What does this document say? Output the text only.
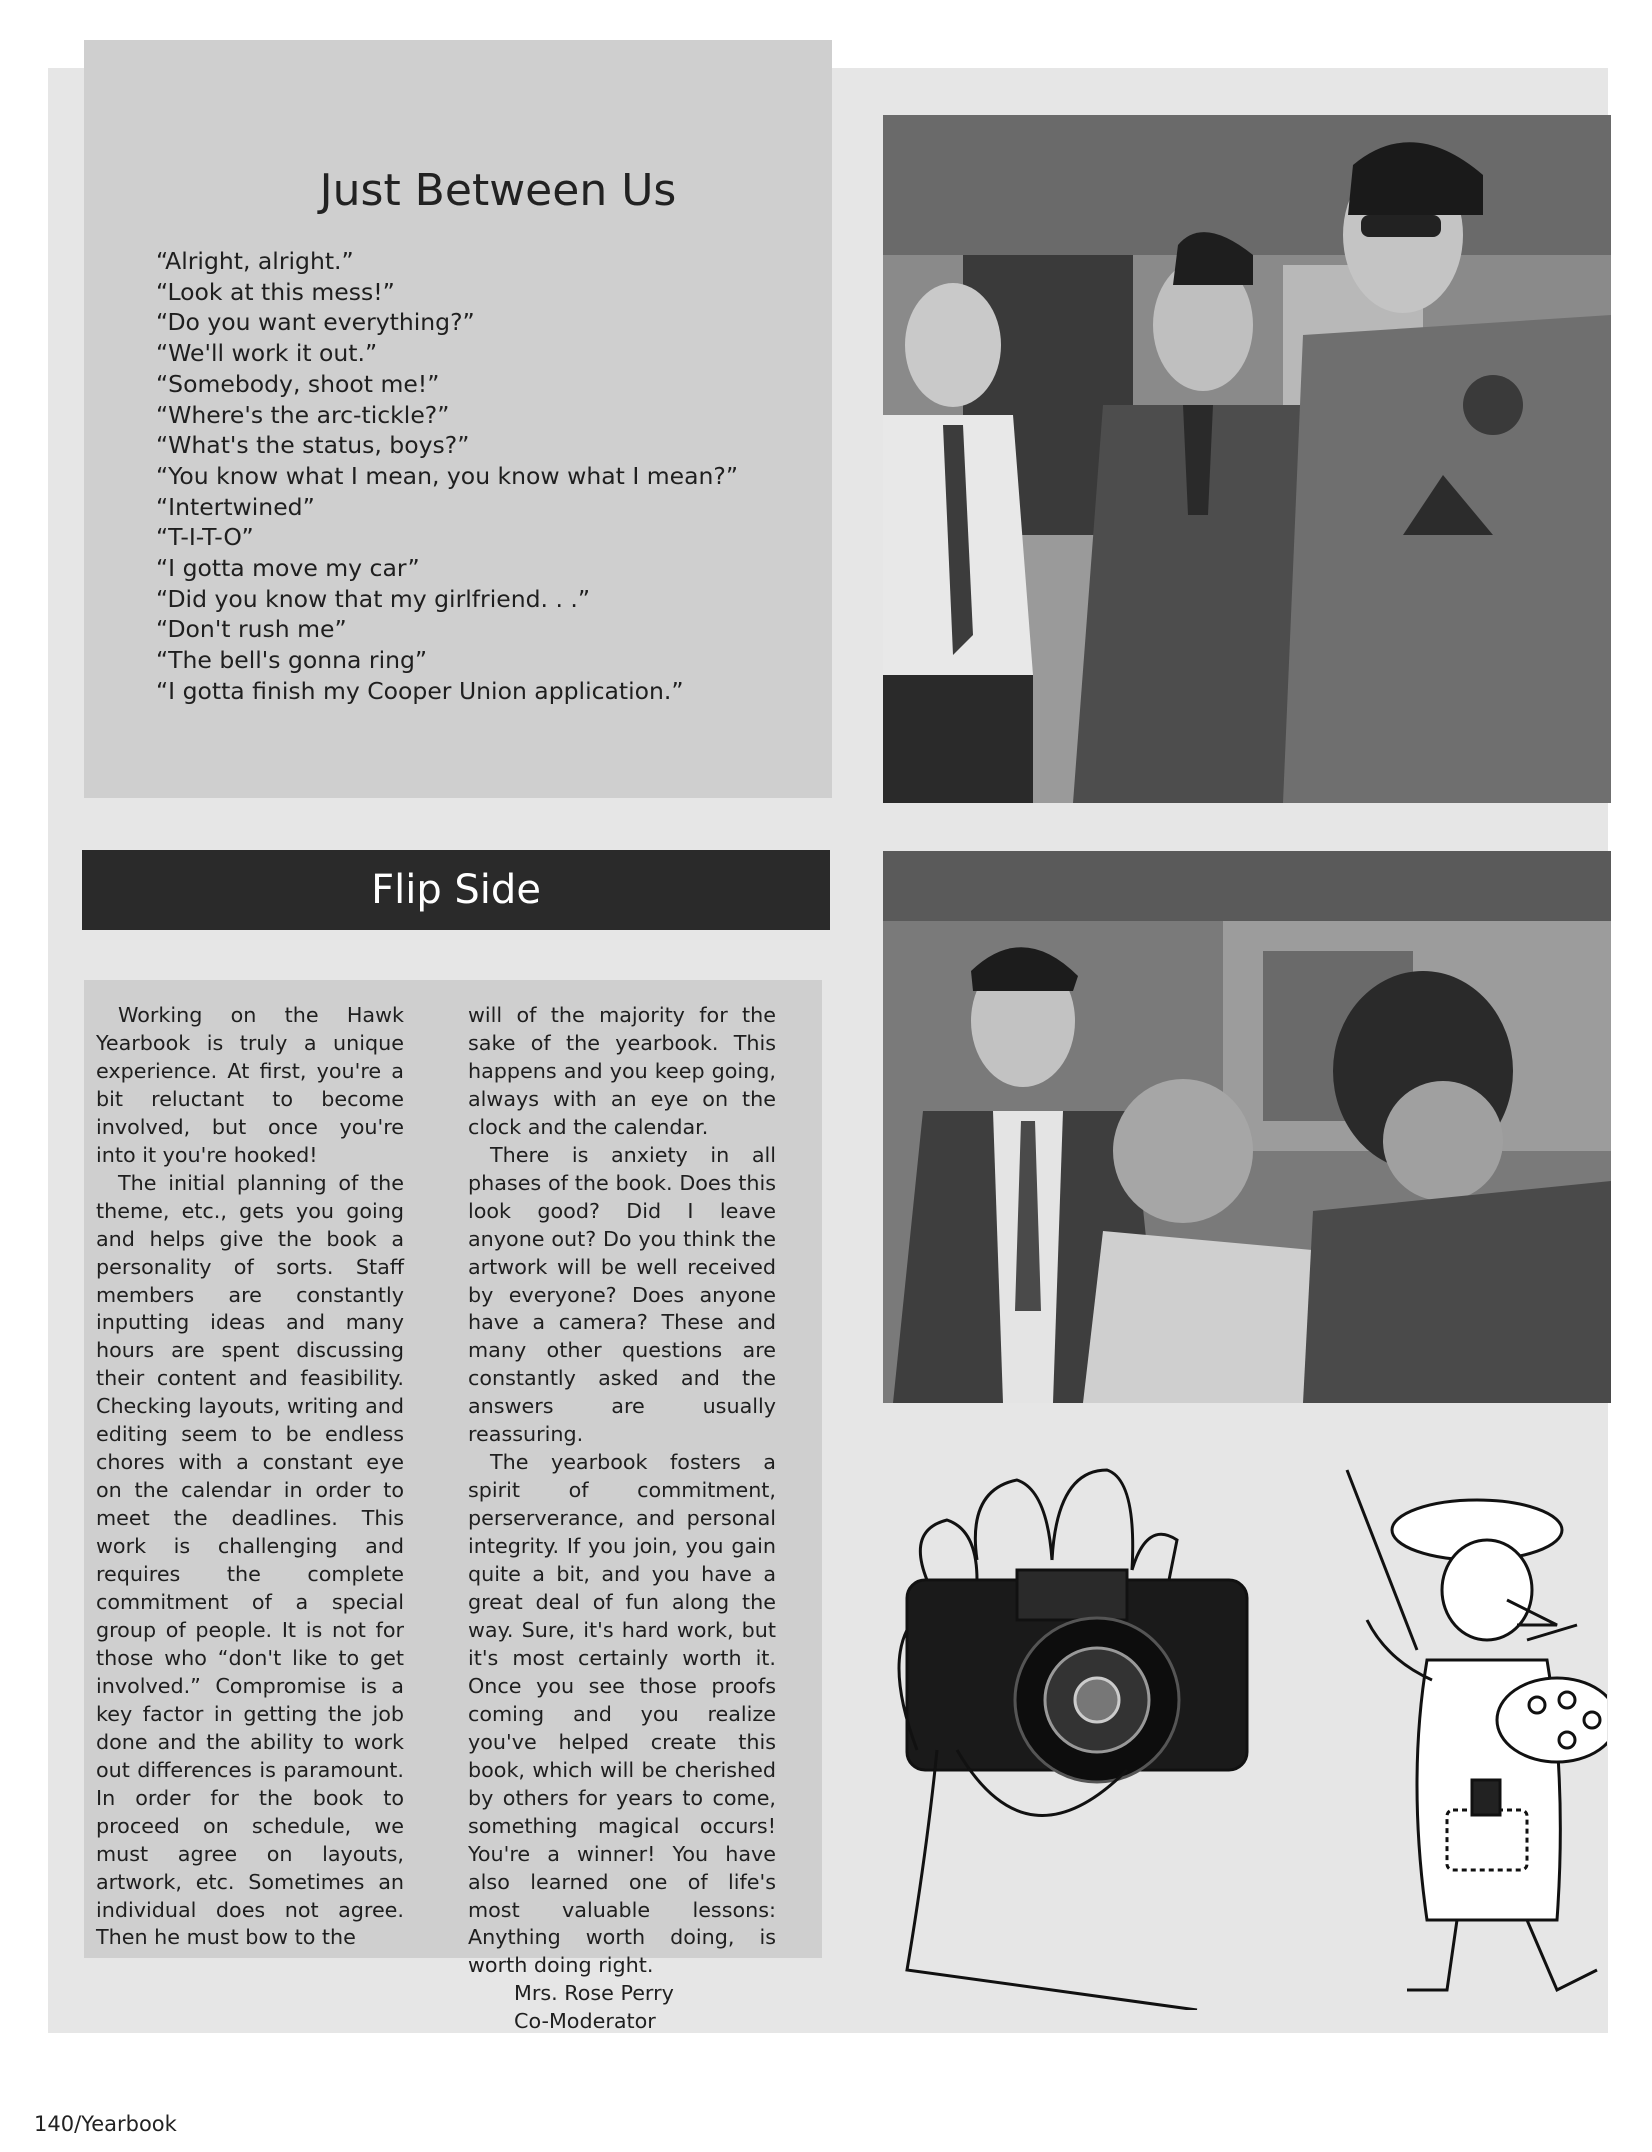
Just Between Us
“Alright, alright.”
“Look at this mess!”
“Do you want everything?”
“We'll work it out.”
“Somebody, shoot me!”
“Where's the arc-tickle?”
“What's the status, boys?”
“You know what I mean, you know what I mean?”
“Intertwined”
“T-I-T-O”
“I gotta move my car”
“Did you know that my girlfriend. . .”
“Don't rush me”
“The bell's gonna ring”
“I gotta finish my Cooper Union application.”
Flip Side

Working on the Hawk Yearbook is truly a unique experience. At first, you're a bit reluctant to become involved, but once you're into it you're hooked!

The initial planning of the theme, etc., gets you going and helps give the book a personality of sorts. Staff members are constantly inputting ideas and many hours are spent discussing their content and feasibility. Checking layouts, writing and editing seem to be endless chores with a constant eye on the calendar in order to meet the deadlines. This work is challenging and requires the complete commitment of a special group of people. It is not for those who “don't like to get involved.” Compromise is a key factor in getting the job done and the ability to work out differences is paramount. In order for the book to proceed on schedule, we must agree on layouts, artwork, etc. Sometimes an individual does not agree. Then he must bow to the

will of the majority for the sake of the yearbook. This happens and you keep going, always with an eye on the clock and the calendar.

There is anxiety in all phases of the book. Does this look good? Did I leave anyone out? Do you think the artwork will be well received by everyone? Does anyone have a camera? These and many other questions are constantly asked and the answers are usually reassuring.

The yearbook fosters a spirit of commitment, perserverance, and personal integrity. If you join, you gain quite a bit, and you have a great deal of fun along the way. Sure, it's hard work, but it's most certainly worth it. Once you see those proofs coming and you realize you've helped create this book, which will be cherished by others for years to come, something magical occurs! You're a winner! You have also learned one of life's most valuable lessons: Anything worth doing, is worth doing right.

Mrs. Rose Perry

Co-Moderator

140/Yearbook
